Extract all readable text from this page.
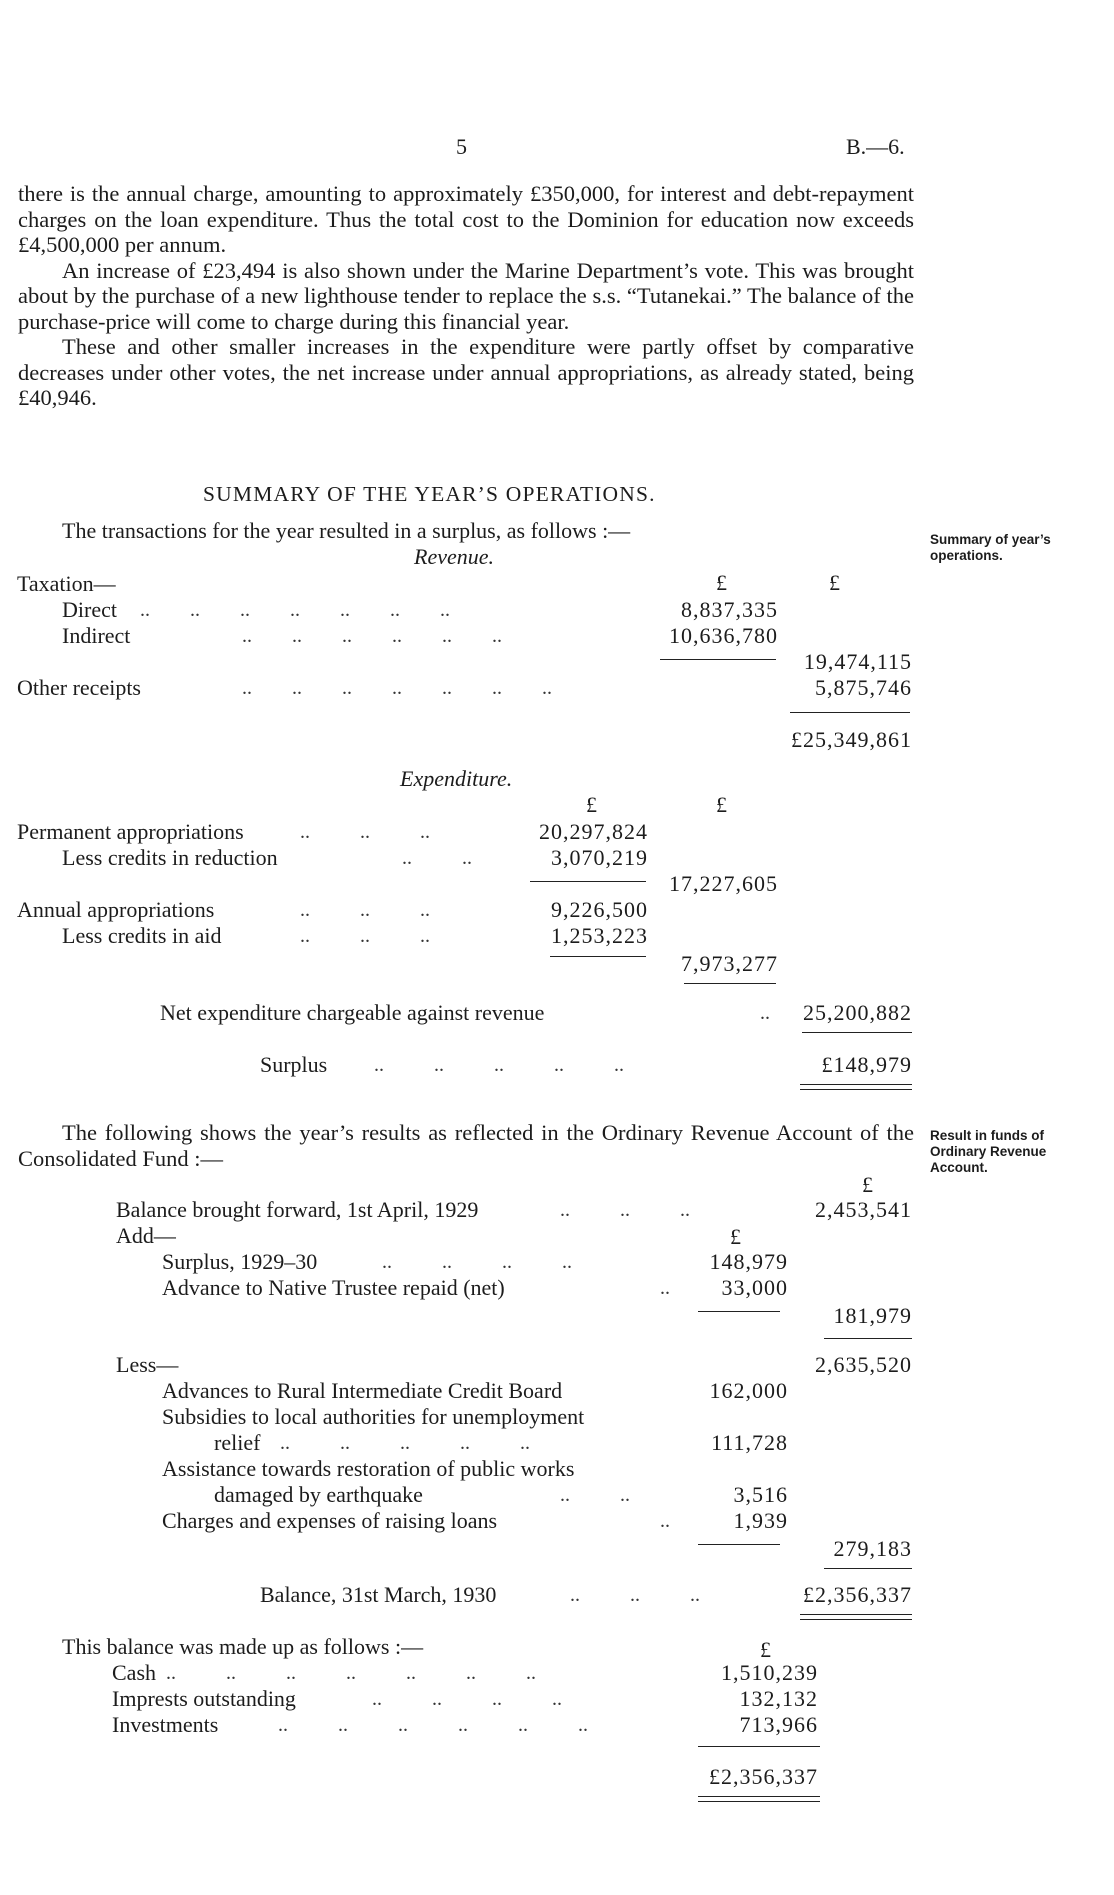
5	B.—6.

there is the annual charge, amounting to approximately £350,000, for interest and debt-repayment charges on the loan expenditure. Thus the total cost to the Dominion for education now exceeds £4,500,000 per annum.

An increase of £23,494 is also shown under the Marine Department’s vote. This was brought about by the purchase of a new lighthouse tender to replace the s.s. “Tutanekai.” The balance of the purchase-price will come to charge during this financial year.

These and other smaller increases in the expenditure were partly offset by comparative decreases under other votes, the net increase under annual appropriations, as already stated, being £40,946.

SUMMARY OF THE YEAR’S OPERATIONS.
The transactions for the year resulted in a surplus, as follows :—	Summary of year’s operations.
Revenue.
£	£
Taxation—
Direct ..        ..        ..        ..        ..        ..        ..	8,837,335
Indirect	..        ..        ..        ..        ..        ..	10,636,780
19,474,115
Other receipts	..        ..        ..        ..        ..        ..        ..	5,875,746
£25,349,861
Expenditure.
£	£
Permanent appropriations	..          ..          ..	20,297,824
Less credits in reduction	..          ..	3,070,219
17,227,605
Annual appropriations	..          ..          ..	9,226,500
Less credits in aid	..          ..          ..	1,253,223
7,973,277
Net expenditure chargeable against revenue	.. 25,200,882
Surplus ..          ..          ..          ..          ..	£148,979

The following shows the year’s results as reflected in the Ordinary Revenue Account of the Consolidated Fund :—

Result in funds of Ordinary Revenue Account.
£
Balance brought forward, 1st April, 1929	..          ..          ..	2,453,541
Add—	£
Surplus, 1929–30	..          ..          ..          ..	148,979
Advance to Native Trustee repaid (net)	.. 33,000
181,979
Less—	2,635,520
Advances to Rural Intermediate Credit Board	162,000
Subsidies to local authorities for unemployment
relief ..          ..          ..          ..          ..	111,728
Assistance towards restoration of public works
damaged by earthquake	..          ..	3,516
Charges and expenses of raising loans	..	1,939
279,183
Balance, 31st March, 1930	..          ..          ..	£2,356,337
This balance was made up as follows :—	£
Cash ..          ..          ..          ..          ..          ..          ..	1,510,239
Imprests outstanding	..          ..          ..          ..	132,132
Investments	..          ..          ..          ..          ..          ..	713,966
£2,356,337
